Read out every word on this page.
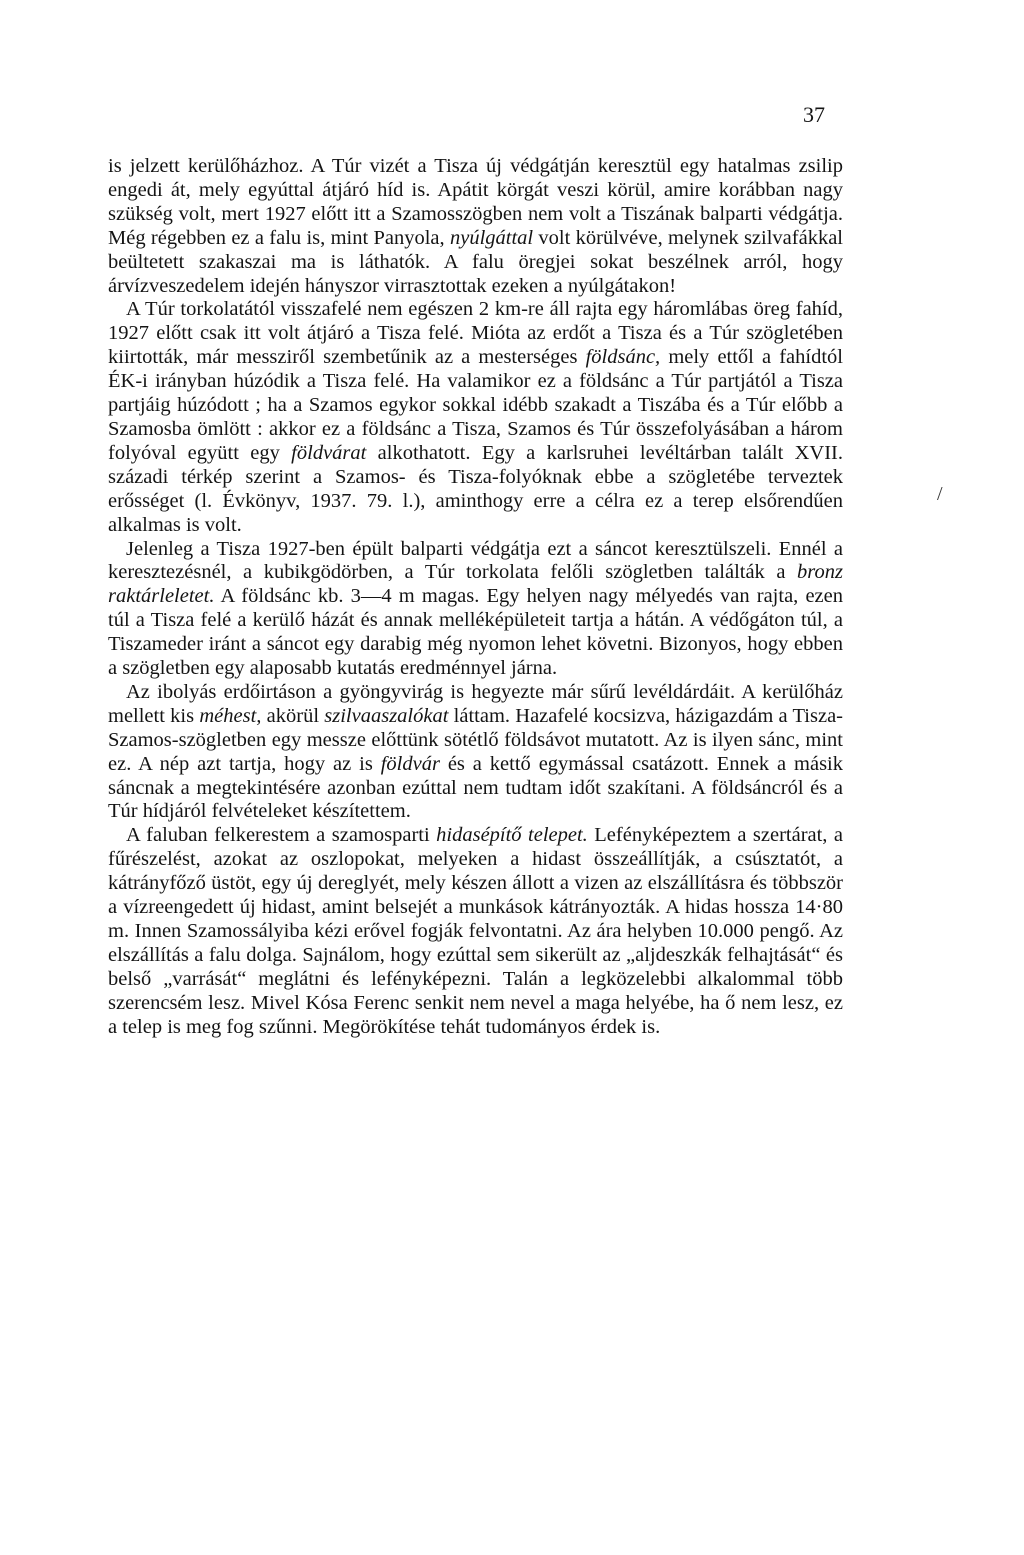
37

is jelzett kerülőházhoz. A Túr vizét a Tisza új védgátján keresztül egy hatalmas zsilip engedi át, mely egyúttal átjáró híd is. Apátit körgát veszi körül, amire korábban nagy szükség volt, mert 1927 előtt itt a Szamosszögben nem volt a Tiszának balparti védgátja. Még régebben ez a falu is, mint Panyola, nyúlgáttal volt körülvéve, melynek szilvafákkal beültetett szakaszai ma is láthatók. A falu öregjei sokat beszélnek arról, hogy árvízveszedelem idején hányszor virrasztottak ezeken a nyúlgátakon!

A Túr torkolatától visszafelé nem egészen 2 km-re áll rajta egy háromlábas öreg fahíd, 1927 előtt csak itt volt átjáró a Tisza felé. Mióta az erdőt a Tisza és a Túr szögletében kiirtották, már messziről szembetűnik az a mesterséges földsánc, mely ettől a fahídtól ÉK-i irányban húzódik a Tisza felé. Ha valamikor ez a földsánc a Túr partjától a Tisza partjáig húzódott ; ha a Szamos egykor sokkal idébb szakadt a Tiszába és a Túr előbb a Szamosba ömlött : akkor ez a földsánc a Tisza, Szamos és Túr összefolyásában a három folyóval együtt egy földvárat alkothatott. Egy a karlsruhei levéltárban talált XVII. századi térkép szerint a Szamos- és Tisza-folyóknak ebbe a szögletébe terveztek erősséget (l. Évkönyv, 1937. 79. l.), aminthogy erre a célra ez a terep elsőrendűen alkalmas is volt.

Jelenleg a Tisza 1927-ben épült balparti védgátja ezt a sáncot keresztülszeli. Ennél a keresztezésnél, a kubikgödörben, a Túr torkolata felőli szögletben találták a bronz raktárleletet. A földsánc kb. 3—4 m magas. Egy helyen nagy mélyedés van rajta, ezen túl a Tisza felé a kerülő házát és annak melléképületeit tartja a hátán. A védőgáton túl, a Tiszameder iránt a sáncot egy darabig még nyomon lehet követni. Bizonyos, hogy ebben a szögletben egy alaposabb kutatás eredménnyel járna.

Az ibolyás erdőirtáson a gyöngyvirág is hegyezte már sűrű levéldárdáit. A kerülőház mellett kis méhest, akörül szilvaaszalókat láttam. Hazafelé kocsizva, házigazdám a Tisza-Szamos-szögletben egy messze előttünk sötétlő földsávot mutatott. Az is ilyen sánc, mint ez. A nép azt tartja, hogy az is földvár és a kettő egymással csatázott. Ennek a másik sáncnak a megtekintésére azonban ezúttal nem tudtam időt szakítani. A földsáncról és a Túr hídjáról felvételeket készítettem.

A faluban felkerestem a szamosparti hidasépítő telepet. Lefényképeztem a szertárat, a fűrészelést, azokat az oszlopokat, melyeken a hidast összeállítják, a csúsztatót, a kátrányfőző üstöt, egy új dereglyét, mely készen állott a vizen az elszállításra és többször a vízreengedett új hidast, amint belsejét a munkások kátrányozták. A hidas hossza 14·80 m. Innen Szamossályiba kézi erővel fogják felvontatni. Az ára helyben 10.000 pengő. Az elszállítás a falu dolga. Sajnálom, hogy ezúttal sem sikerült az „aljdeszkák felhajtását“ és belső „varrását“ meglátni és lefényképezni. Talán a legközelebbi alkalommal több szerencsém lesz. Mivel Kósa Ferenc senkit nem nevel a maga helyébe, ha ő nem lesz, ez a telep is meg fog szűnni. Megörökítése tehát tudományos érdek is.

/
